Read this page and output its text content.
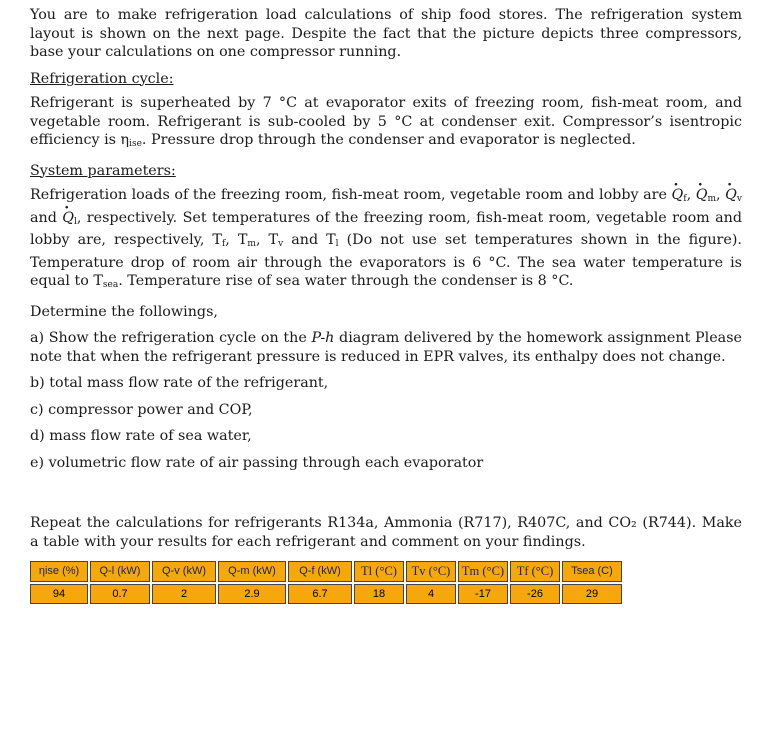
You are to make refrigeration load calculations of ship food stores. The refrigeration system layout is shown on the next page. Despite the fact that the picture depicts three compressors, base your calculations on one compressor running.

Refrigeration cycle:

Refrigerant is superheated by 7 °C at evaporator exits of freezing room, fish-meat room, and vegetable room. Refrigerant is sub-cooled by 5 °C at condenser exit. Compressor’s isentropic efficiency is $\eta_{ise}$. Pressure drop through the condenser and evaporator is neglected.

System parameters:

Refrigeration loads of the freezing room, fish-meat room, vegetable room and lobby are · $Q_f$, · $Q_m$, · $Q_v$ and · $Q_l$, respectively. Set temperatures of the freezing room, fish-meat room, vegetable room and lobby are, respectively, $T_f$, $T_m$, $T_v$ and $T_l$ (Do not use set temperatures shown in the figure). Temperature drop of room air through the evaporators is 6 °C. The sea water temperature is equal to $T_{sea}$. Temperature rise of sea water through the condenser is 8 °C.

Determine the followings,

a) Show the refrigeration cycle on the P-h diagram delivered by the homework assignment Please note that when the refrigerant pressure is reduced in EPR valves, its enthalpy does not change.

b) total mass flow rate of the refrigerant,

c) compressor power and COP,

d) mass flow rate of sea water,

e) volumetric flow rate of air passing through each evaporator

Repeat the calculations for refrigerants R134a, Ammonia (R717), R407C, and CO₂ (R744). Make a table with your results for each refrigerant and comment on your findings.

ηise (%)	Q-l (kW)	Q-v (kW)	Q-m (kW)	Q-f (kW)	Tl (°C)	Tv (°C)	Tm (°C)	Tf (°C)	Tsea (C)
94	0.7	2	2.9	6.7	18	4	-17	-26	29
